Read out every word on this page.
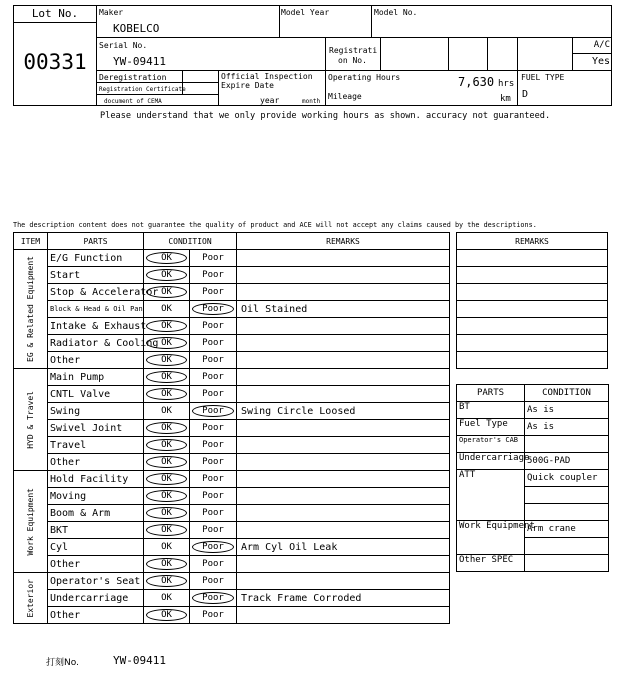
Lot No.
00331
Maker
KOBELCO
Model Year	Model No.
Serial No.
YW-09411
Registrati
on No.
A/C
Yes
Deregistration
Registration Certificate
document of CEMA
Official Inspection
Expire Date
year	month
Operating Hours	7,630 hrs
Mileage	km
FUEL TYPE
D
Please understand that we only provide working hours as shown. accuracy not guaranteed.
The description content does not guarantee the quality of product and ACE will not accept any claims caused by the descriptions.
ITEM	PARTS	CONDITION		REMARKS

EG & Related Equipment	E/G Function	OK	Poor	
	Start	OK	Poor	
	Stop & Accelerator	OK	Poor	
	Block & Head & Oil Pan	OK	Poor	Oil Stained
	Intake & Exhaust	OK	Poor	
	Radiator & Cooling	OK	Poor	
	Other	OK	Poor	

HYD & Travel	Main Pump	OK	Poor	
	CNTL Valve	OK	Poor	
	Swing	OK	Poor	Swing Circle Loosed
	Swivel Joint	OK	Poor	
	Travel	OK	Poor	
	Other	OK	Poor	

Work Equipment	Hold Facility	OK	Poor	
	Moving	OK	Poor	
	Boom & Arm	OK	Poor	
	BKT	OK	Poor	
	Cyl	OK	Poor	Arm Cyl Oil Leak
	Other	OK	Poor	

Exterior	Operator's Seat	OK	Poor	
	Undercarriage	OK	Poor	Track Frame Corroded
	Other	OK	Poor	
REMARKS

PARTS	CONDITION
BT	As is
Fuel Type	As is
Operator's CAB	
Undercarriage	500G-PAD
ATT	Quick coupler

Work Equipment	Arm crane

Other SPEC	
打刻No.	YW-09411
